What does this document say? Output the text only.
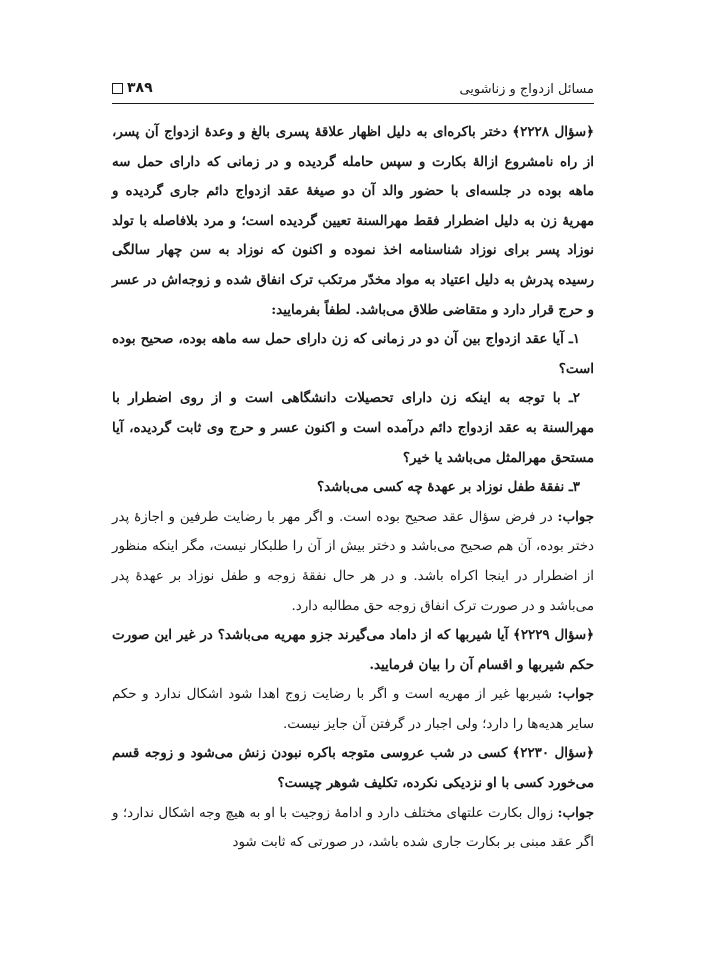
مسائل ازدواج و زناشویی
۳۸۹

﴿سؤال ۲۲۲۸﴾ دختر باکره‌ای به دلیل اظهار علاقهٔ پسری بالغ و وعدهٔ ازدواج آن پسر، از راه نامشروع ازالهٔ بکارت و سپس حامله گردیده و در زمانی که دارای حمل سه ماهه بوده در جلسه‌ای با حضور والد آن دو صیغهٔ عقد ازدواج دائم جاری گردیده و مهریهٔ زن به دلیل اضطرار فقط مهرالسنة تعیین گردیده است؛ و مرد بلافاصله با تولد نوزاد پسر برای نوزاد شناسنامه اخذ نموده و اکنون که نوزاد به سن چهار سالگی رسیده پدرش به دلیل اعتیاد به مواد مخدّر مرتکب ترک انفاق شده و زوجه‌اش در عسر و حرج قرار دارد و متقاضی طلاق می‌باشد. لطفاً بفرمایید:

۱ـ آیا عقد ازدواج بین آن دو در زمانی که زن دارای حمل سه ماهه بوده، صحیح بوده است؟

۲ـ با توجه به اینکه زن دارای تحصیلات دانشگاهی است و از روی اضطرار با مهرالسنة به عقد ازدواج دائم درآمده است و اکنون عسر و حرج وی ثابت گردیده، آیا مستحق مهرالمثل می‌باشد یا خیر؟

۳ـ نفقهٔ طفل نوزاد بر عهدهٔ چه کسی می‌باشد؟

جواب: در فرض سؤال عقد صحیح بوده است. و اگر مهر با رضایت طرفین و اجازهٔ پدر دختر بوده، آن هم صحیح می‌باشد و دختر بیش از آن را طلبکار نیست، مگر اینکه منظور از اضطرار در اینجا اکراه باشد. و در هر حال نفقهٔ زوجه و طفل نوزاد بر عهدهٔ پدر می‌باشد و در صورت ترک انفاق زوجه حق مطالبه دارد.

﴿سؤال ۲۲۲۹﴾ آیا شیربها که از داماد می‌گیرند جزو مهریه می‌باشد؟ در غیر این صورت حکم شیربها و اقسام آن را بیان فرمایید.

جواب: شیربها غیر از مهریه است و اگر با رضایت زوج اهدا شود اشکال ندارد و حکم سایر هدیه‌ها را دارد؛ ولی اجبار در گرفتن آن جایز نیست.

﴿سؤال ۲۲۳۰﴾ کسی در شب عروسی متوجه باکره نبودن زنش می‌شود و زوجه قسم می‌خورد کسی با او نزدیکی نکرده، تکلیف شوهر چیست؟

جواب: زوال بکارت علتهای مختلف دارد و ادامهٔ زوجیت با او به هیچ وجه اشکال ندارد؛ و اگر عقد مبنی بر بکارت جاری شده باشد، در صورتی که ثابت شود
